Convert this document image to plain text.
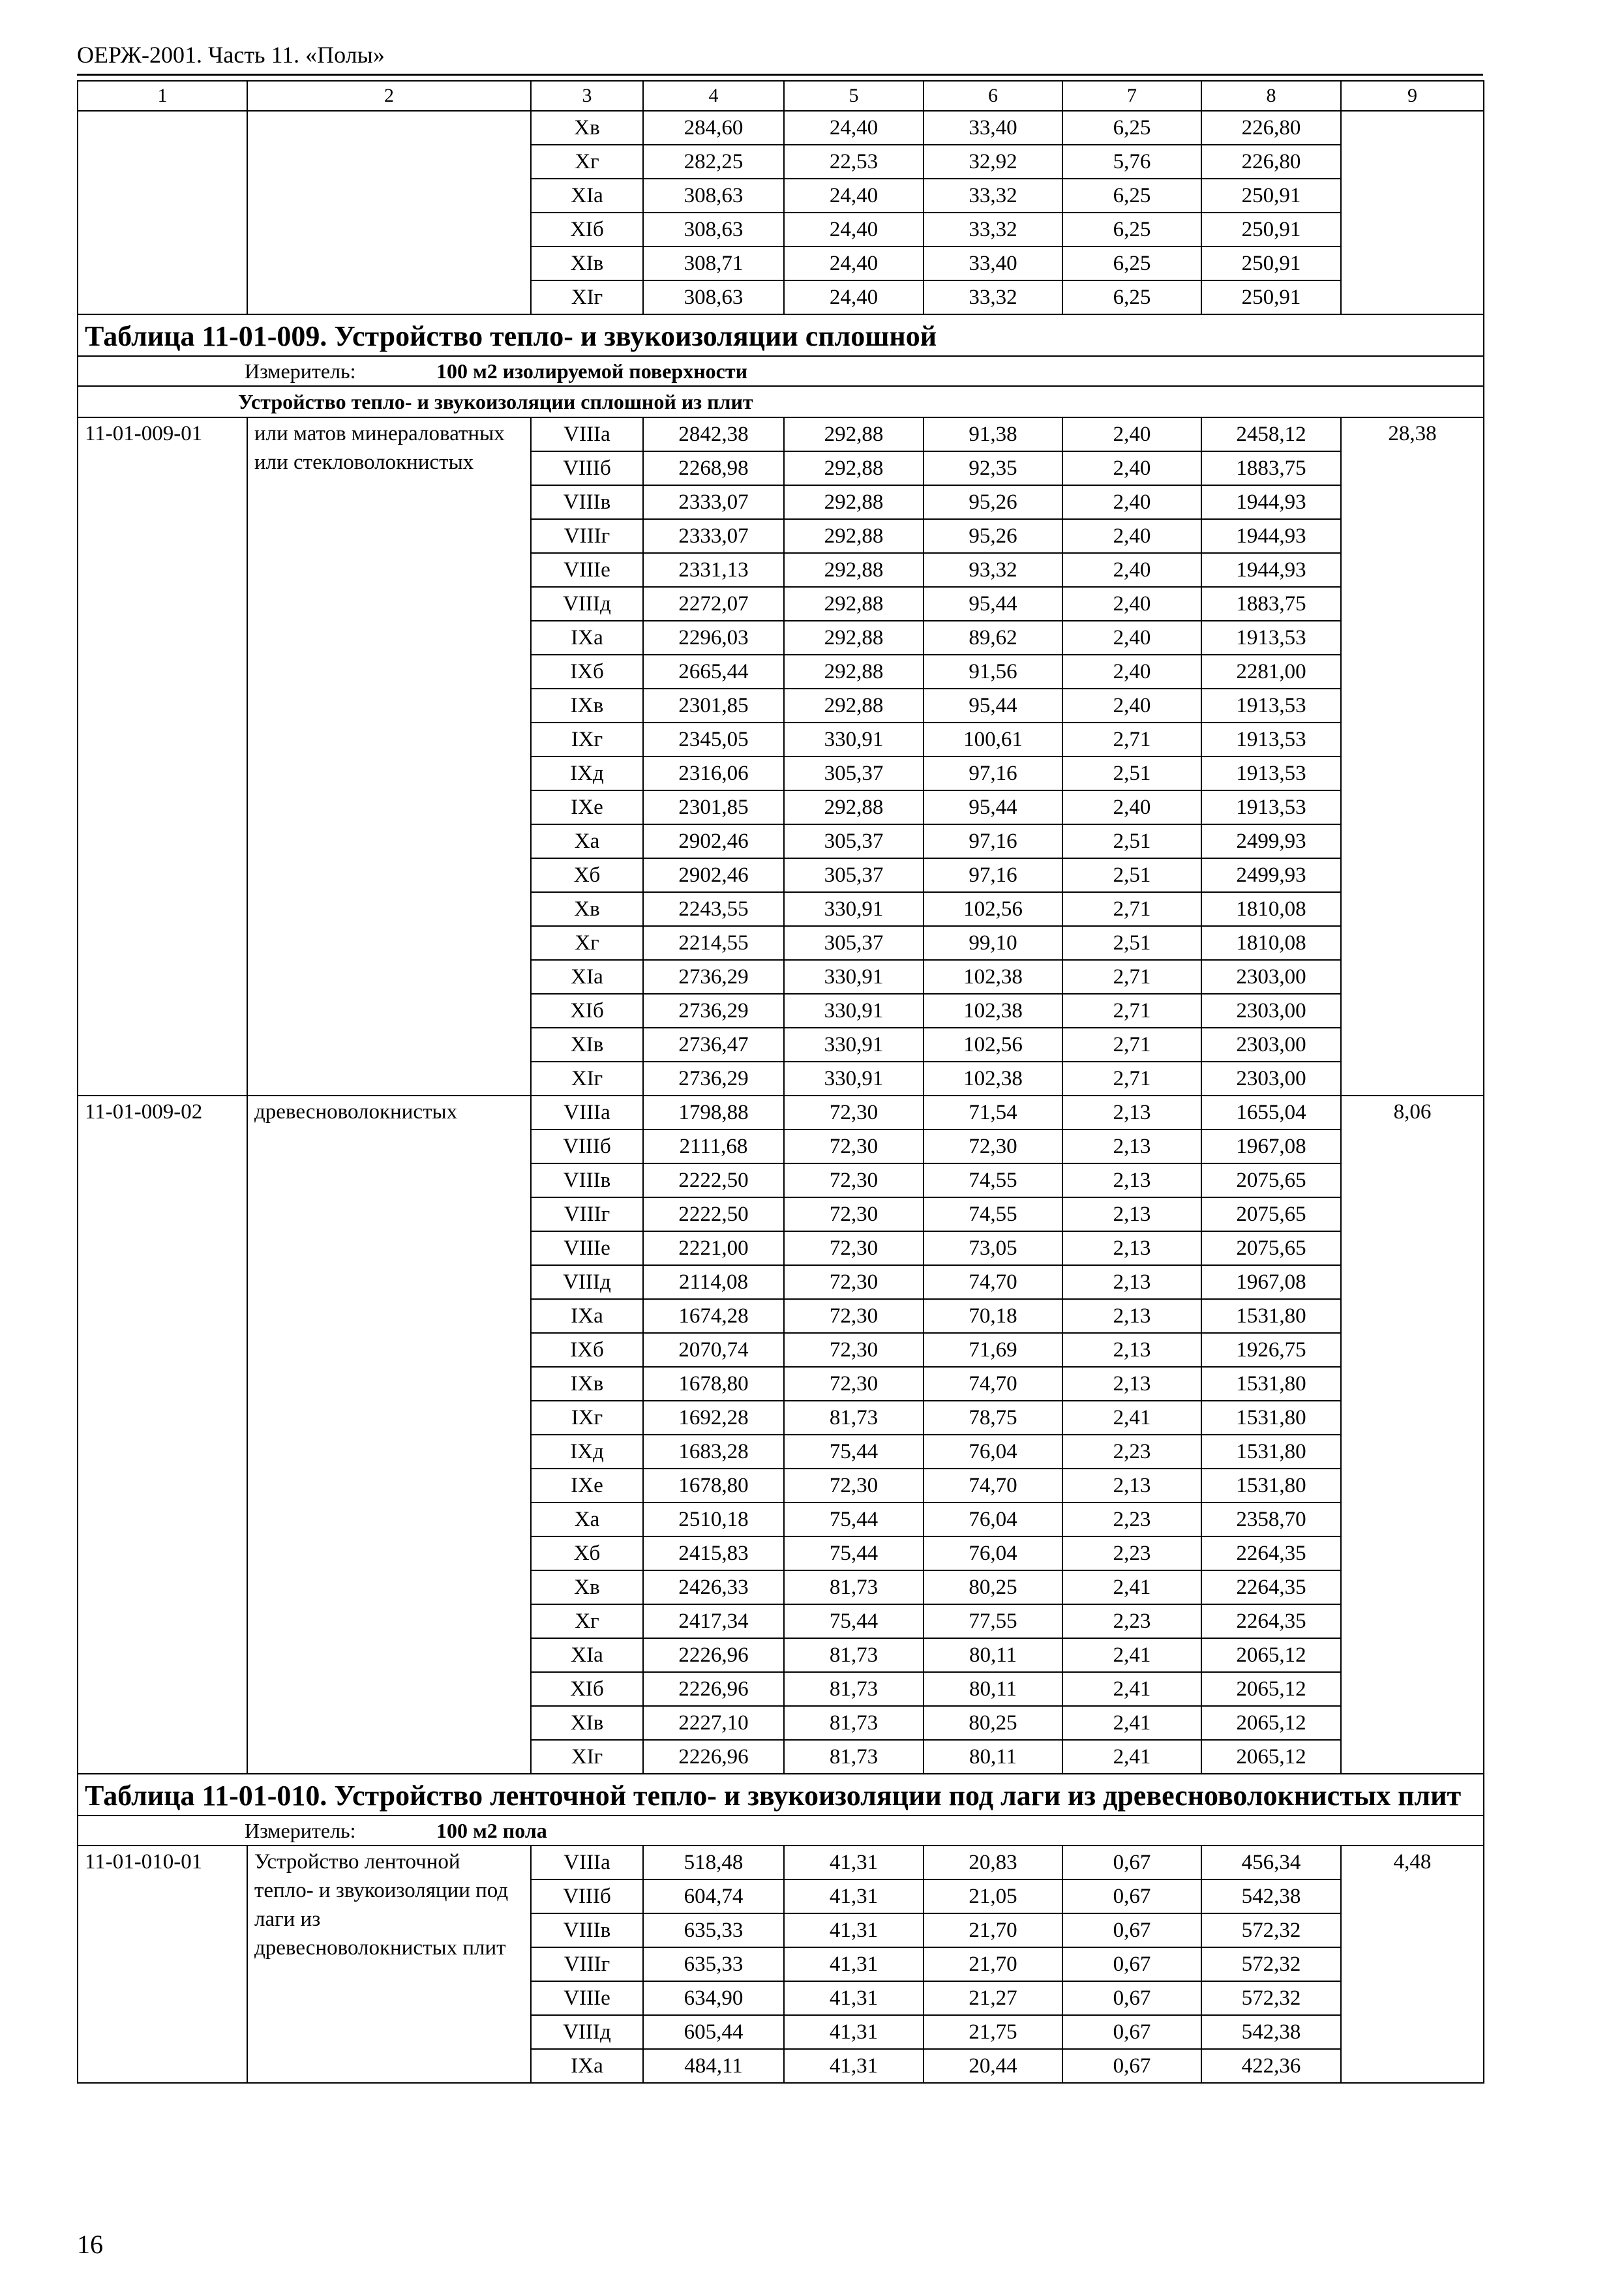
ОЕРЖ-2001. Часть 11. «Полы»
1	2	3	4	5	6	7	8	9
		Хв	284,60	24,40	33,40	6,25	226,80	
		Хг	282,25	22,53	32,92	5,76	226,80	
		ХIа	308,63	24,40	33,32	6,25	250,91	
		ХIб	308,63	24,40	33,32	6,25	250,91	
		ХIв	308,71	24,40	33,40	6,25	250,91	
		ХIг	308,63	24,40	33,32	6,25	250,91	
Таблица 11-01-009. Устройство тепло- и звукоизоляции сплошной								
Измеритель: 100 м2 изолируемой поверхности								
Устройство тепло- и звукоизоляции сплошной из плит								
11-01-009-01	или матов минераловатных или стекловолокнистых	VIIIа	2842,38	292,88	91,38	2,40	2458,12	28,38
		VIIIб	2268,98	292,88	92,35	2,40	1883,75	
		VIIIв	2333,07	292,88	95,26	2,40	1944,93	
		VIIIг	2333,07	292,88	95,26	2,40	1944,93	
		VIIIе	2331,13	292,88	93,32	2,40	1944,93	
		VIIIд	2272,07	292,88	95,44	2,40	1883,75	
		IХа	2296,03	292,88	89,62	2,40	1913,53	
		IХб	2665,44	292,88	91,56	2,40	2281,00	
		IХв	2301,85	292,88	95,44	2,40	1913,53	
		IХг	2345,05	330,91	100,61	2,71	1913,53	
		IХд	2316,06	305,37	97,16	2,51	1913,53	
		IХе	2301,85	292,88	95,44	2,40	1913,53	
		Ха	2902,46	305,37	97,16	2,51	2499,93	
		Хб	2902,46	305,37	97,16	2,51	2499,93	
		Хв	2243,55	330,91	102,56	2,71	1810,08	
		Хг	2214,55	305,37	99,10	2,51	1810,08	
		ХIа	2736,29	330,91	102,38	2,71	2303,00	
		ХIб	2736,29	330,91	102,38	2,71	2303,00	
		ХIв	2736,47	330,91	102,56	2,71	2303,00	
		ХIг	2736,29	330,91	102,38	2,71	2303,00	
11-01-009-02	древесноволокнистых	VIIIа	1798,88	72,30	71,54	2,13	1655,04	8,06
		VIIIб	2111,68	72,30	72,30	2,13	1967,08	
		VIIIв	2222,50	72,30	74,55	2,13	2075,65	
		VIIIг	2222,50	72,30	74,55	2,13	2075,65	
		VIIIе	2221,00	72,30	73,05	2,13	2075,65	
		VIIIд	2114,08	72,30	74,70	2,13	1967,08	
		IХа	1674,28	72,30	70,18	2,13	1531,80	
		IХб	2070,74	72,30	71,69	2,13	1926,75	
		IХв	1678,80	72,30	74,70	2,13	1531,80	
		IХг	1692,28	81,73	78,75	2,41	1531,80	
		IХд	1683,28	75,44	76,04	2,23	1531,80	
		IХе	1678,80	72,30	74,70	2,13	1531,80	
		Ха	2510,18	75,44	76,04	2,23	2358,70	
		Хб	2415,83	75,44	76,04	2,23	2264,35	
		Хв	2426,33	81,73	80,25	2,41	2264,35	
		Хг	2417,34	75,44	77,55	2,23	2264,35	
		ХIа	2226,96	81,73	80,11	2,41	2065,12	
		ХIб	2226,96	81,73	80,11	2,41	2065,12	
		ХIв	2227,10	81,73	80,25	2,41	2065,12	
		ХIг	2226,96	81,73	80,11	2,41	2065,12	
Таблица 11-01-010. Устройство ленточной тепло- и звукоизоляции под лаги из древесноволокнистых плит								
Измеритель: 100 м2 пола								
11-01-010-01	Устройство ленточной тепло- и звукоизоляции под лаги из древесноволокнистых плит	VIIIа	518,48	41,31	20,83	0,67	456,34	4,48
		VIIIб	604,74	41,31	21,05	0,67	542,38	
		VIIIв	635,33	41,31	21,70	0,67	572,32	
		VIIIг	635,33	41,31	21,70	0,67	572,32	
		VIIIе	634,90	41,31	21,27	0,67	572,32	
		VIIIд	605,44	41,31	21,75	0,67	542,38	
		IХа	484,11	41,31	20,44	0,67	422,36	
16
